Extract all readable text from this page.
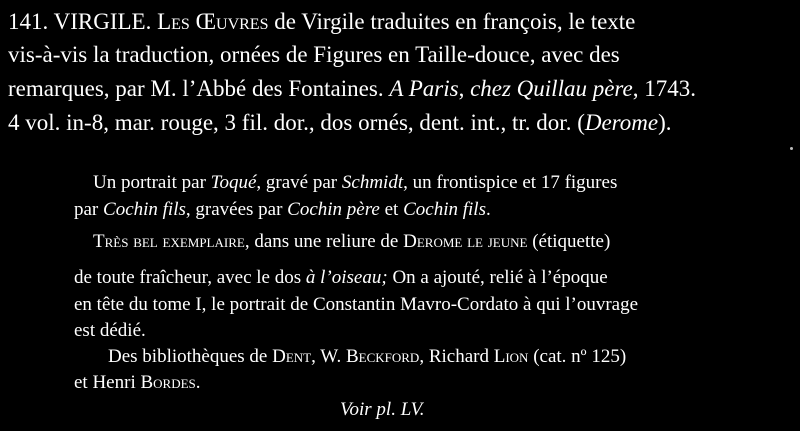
141. VIRGILE. Les Œuvres de Virgile traduites en françois, le texte
vis-à-vis la traduction, ornées de Figures en Taille-douce, avec des
remarques, par M. l’Abbé des Fontaines. A Paris, chez Quillau père, 1743.
4 vol. in-8, mar. rouge, 3 fil. dor., dos ornés, dent. int., tr. dor. (Derome).
Un portrait par Toqué, gravé par Schmidt, un frontispice et 17 figures
par Cochin fils, gravées par Cochin père et Cochin fils.
Très bel exemplaire, dans une reliure de Derome le jeune (étiquette)
de toute fraîcheur, avec le dos à l’oiseau; On a ajouté, relié à l’époque
en tête du tome I, le portrait de Constantin Mavro-Cordato à qui l’ouvrage
est dédié.
Des bibliothèques de Dent, W. Beckford, Richard Lion (cat. nº 125)
et Henri Bordes.
Voir pl. LV.
